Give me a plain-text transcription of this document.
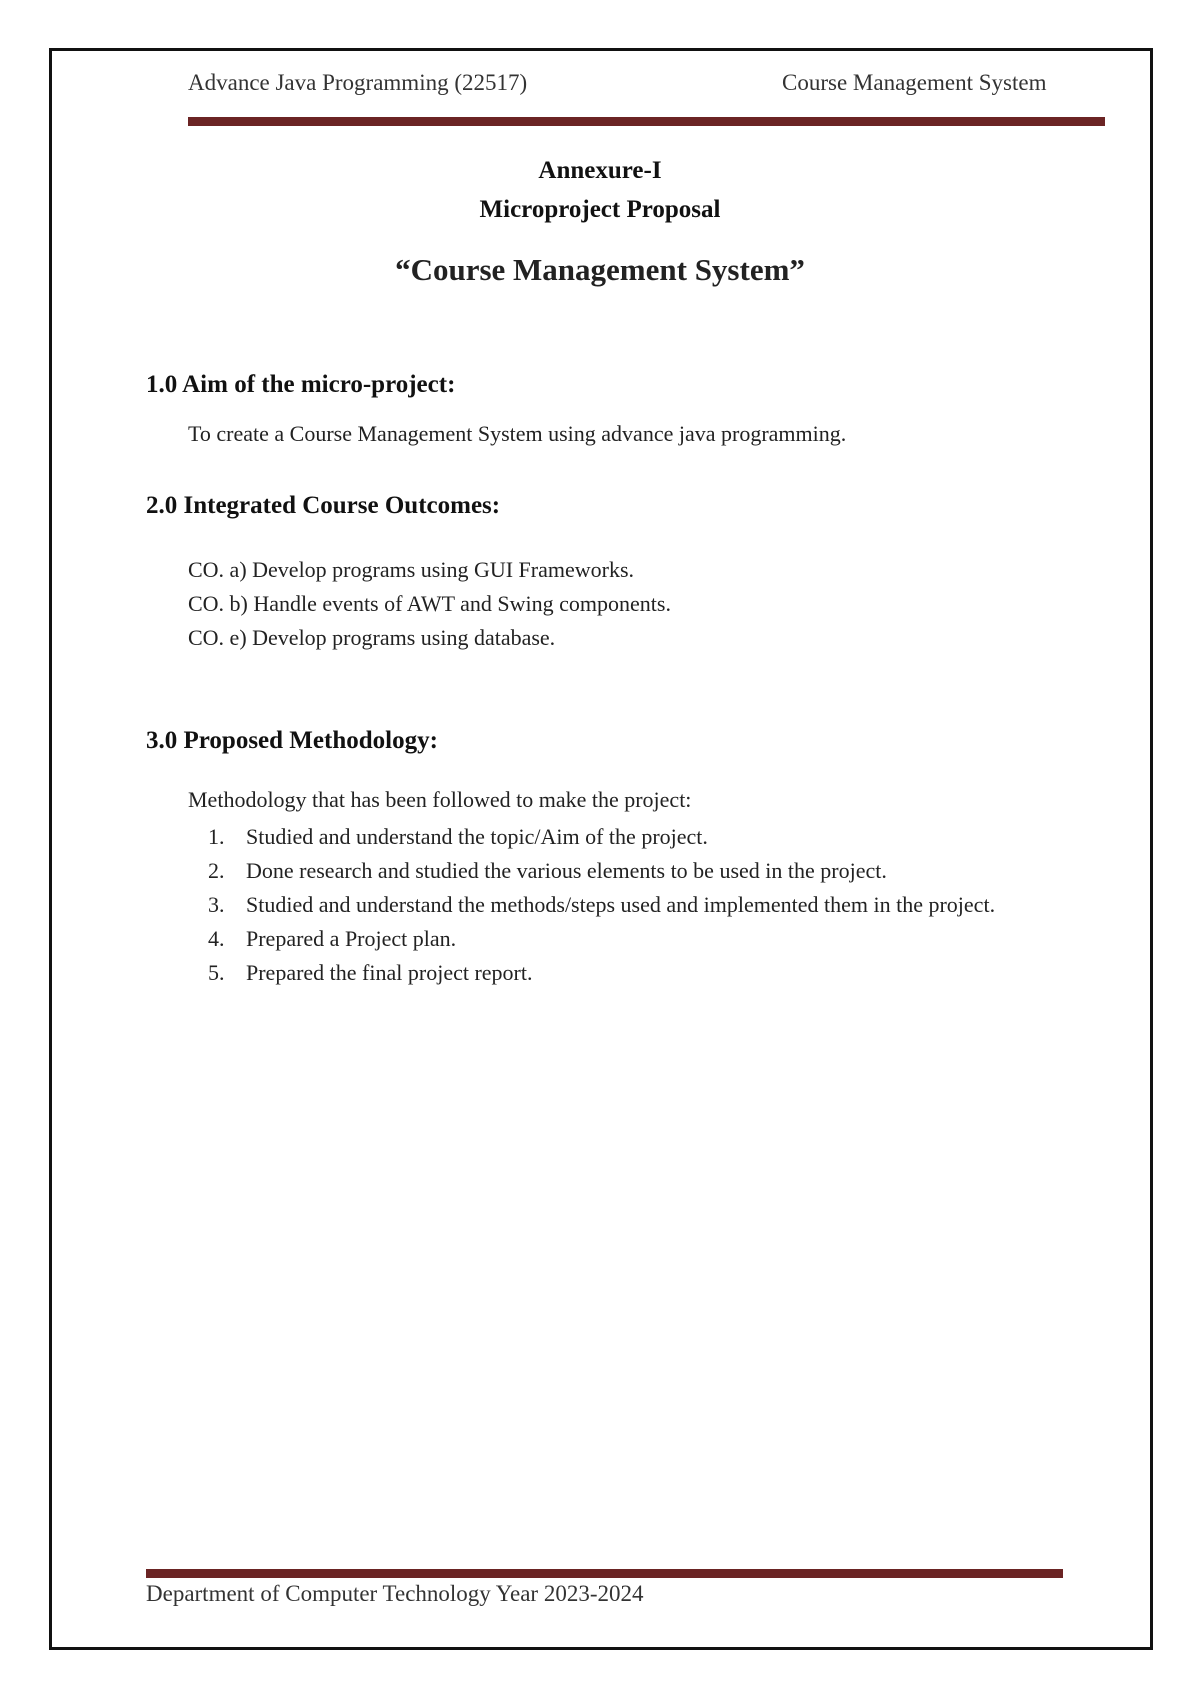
Advance Java Programming (22517)	Course Management System

Annexure-I

Microproject Proposal

“Course Management System”

1.0 Aim of the micro-project:

To create a Course Management System using advance java programming.

2.0 Integrated Course Outcomes:

CO. a) Develop programs using GUI Frameworks.
CO. b) Handle events of AWT and Swing components.
CO. e) Develop programs using database.

3.0 Proposed Methodology:

Methodology that has been followed to make the project:

1. Studied and understand the topic/Aim of the project.
2. Done research and studied the various elements to be used in the project.
3. Studied and understand the methods/steps used and implemented them in the project.
4. Prepared a Project plan.
5. Prepared the final project report.

Department of Computer Technology Year 2023-2024
